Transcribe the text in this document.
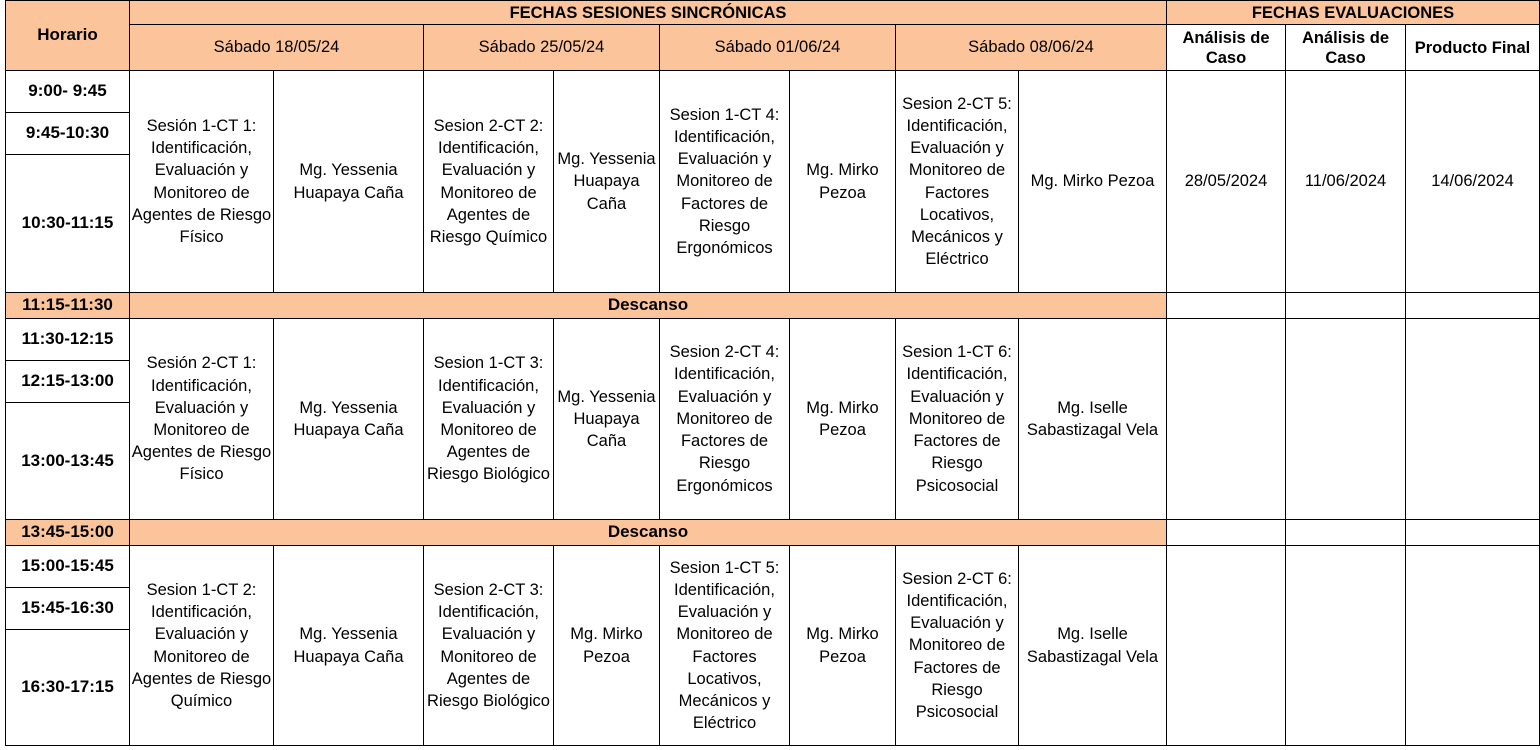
Horario	FECHAS SESIONES SINCRÓNICAS								FECHAS EVALUACIONES		
	Sábado 18/05/24		Sábado 25/05/24		Sábado 01/06/24		Sábado 08/06/24		Análisis de Caso	Análisis de Caso	Producto Final
9:00- 9:45	Sesión 1-CT 1: Identificación, Evaluación y Monitoreo de Agentes de Riesgo Físico	Mg. Yessenia Huapaya Caña	Sesion 2-CT 2: Identificación, Evaluación y Monitoreo de Agentes de Riesgo Químico	Mg. Yessenia Huapaya Caña	Sesion 1-CT 4: Identificación, Evaluación y Monitoreo de Factores de Riesgo Ergonómicos	Mg. Mirko Pezoa	Sesion 2-CT 5: Identificación, Evaluación y Monitoreo de Factores Locativos, Mecánicos y Eléctrico	Mg. Mirko Pezoa	28/05/2024	11/06/2024	14/06/2024
9:45-10:30											
10:30-11:15											
11:15-11:30	Descanso										
11:30-12:15	Sesión 2-CT 1: Identificación, Evaluación y Monitoreo de Agentes de Riesgo Físico	Mg. Yessenia Huapaya Caña	Sesion 1-CT 3: Identificación, Evaluación y Monitoreo de Agentes de Riesgo Biológico	Mg. Yessenia Huapaya Caña	Sesion 2-CT 4: Identificación, Evaluación y Monitoreo de Factores de Riesgo Ergonómicos	Mg. Mirko Pezoa	Sesion 1-CT 6: Identificación, Evaluación y Monitoreo de Factores de Riesgo Psicosocial	Mg. Iselle Sabastizagal Vela			
12:15-13:00											
13:00-13:45											
13:45-15:00	Descanso										
15:00-15:45	Sesion 1-CT 2: Identificación, Evaluación y Monitoreo de Agentes de Riesgo Químico	Mg. Yessenia Huapaya Caña	Sesion 2-CT 3: Identificación, Evaluación y Monitoreo de Agentes de Riesgo Biológico	Mg. Mirko Pezoa	Sesion 1-CT 5: Identificación, Evaluación y Monitoreo de Factores Locativos, Mecánicos y Eléctrico	Mg. Mirko Pezoa	Sesion 2-CT 6: Identificación, Evaluación y Monitoreo de Factores de Riesgo Psicosocial	Mg. Iselle Sabastizagal Vela			
15:45-16:30											
16:30-17:15											
